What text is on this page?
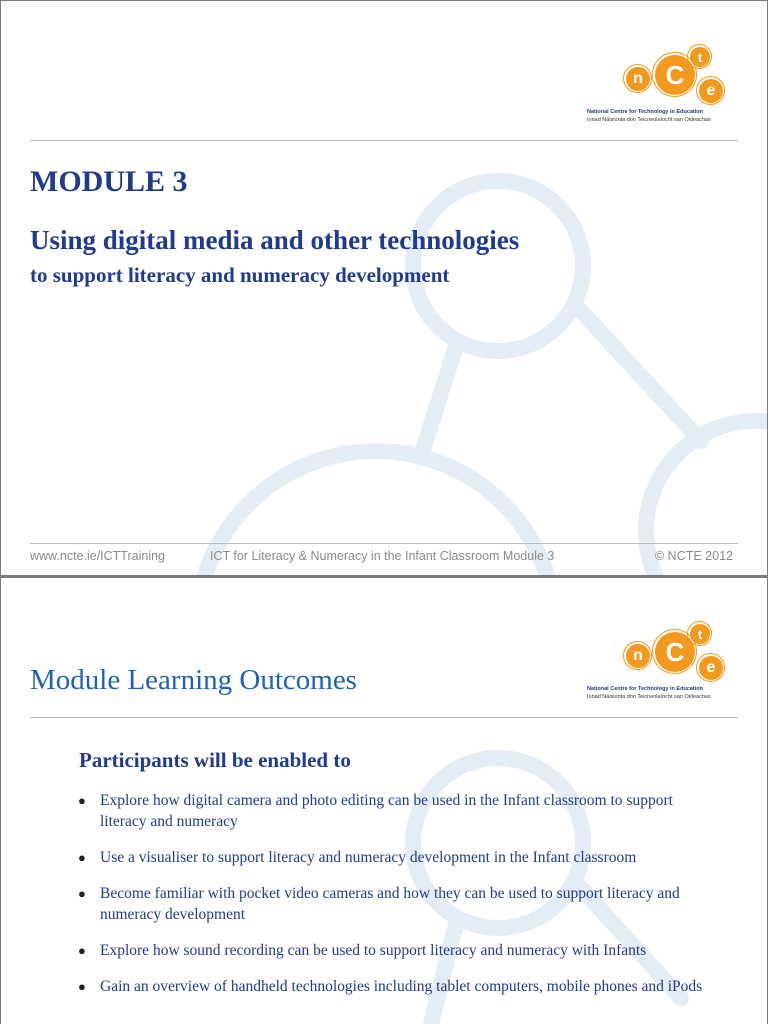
n C
t
e
National Centre for Technology in Education
Ionad Náisiúnta don Teicneolaíocht san Oideachas
MODULE 3
Using digital media and other technologies
to support literacy and numeracy development
www.ncte.ie/ICTTraining	ICT for Literacy & Numeracy in the Infant Classroom Module 3	© NCTE 2012
n C
t
e
National Centre for Technology in Education
Ionad Náisiúnta don Teicneolaíocht san Oideachas
Module Learning Outcomes
Participants will be enabled to
● Explore how digital camera and photo editing can be used in the Infant classroom to support literacy and numeracy
● Use a visualiser to support literacy and numeracy development in the Infant classroom
● Become familiar with pocket video cameras and how they can be used to support literacy and numeracy development
● Explore how sound recording can be used to support literacy and numeracy with Infants
● Gain an overview of handheld technologies including tablet computers, mobile phones and iPods
